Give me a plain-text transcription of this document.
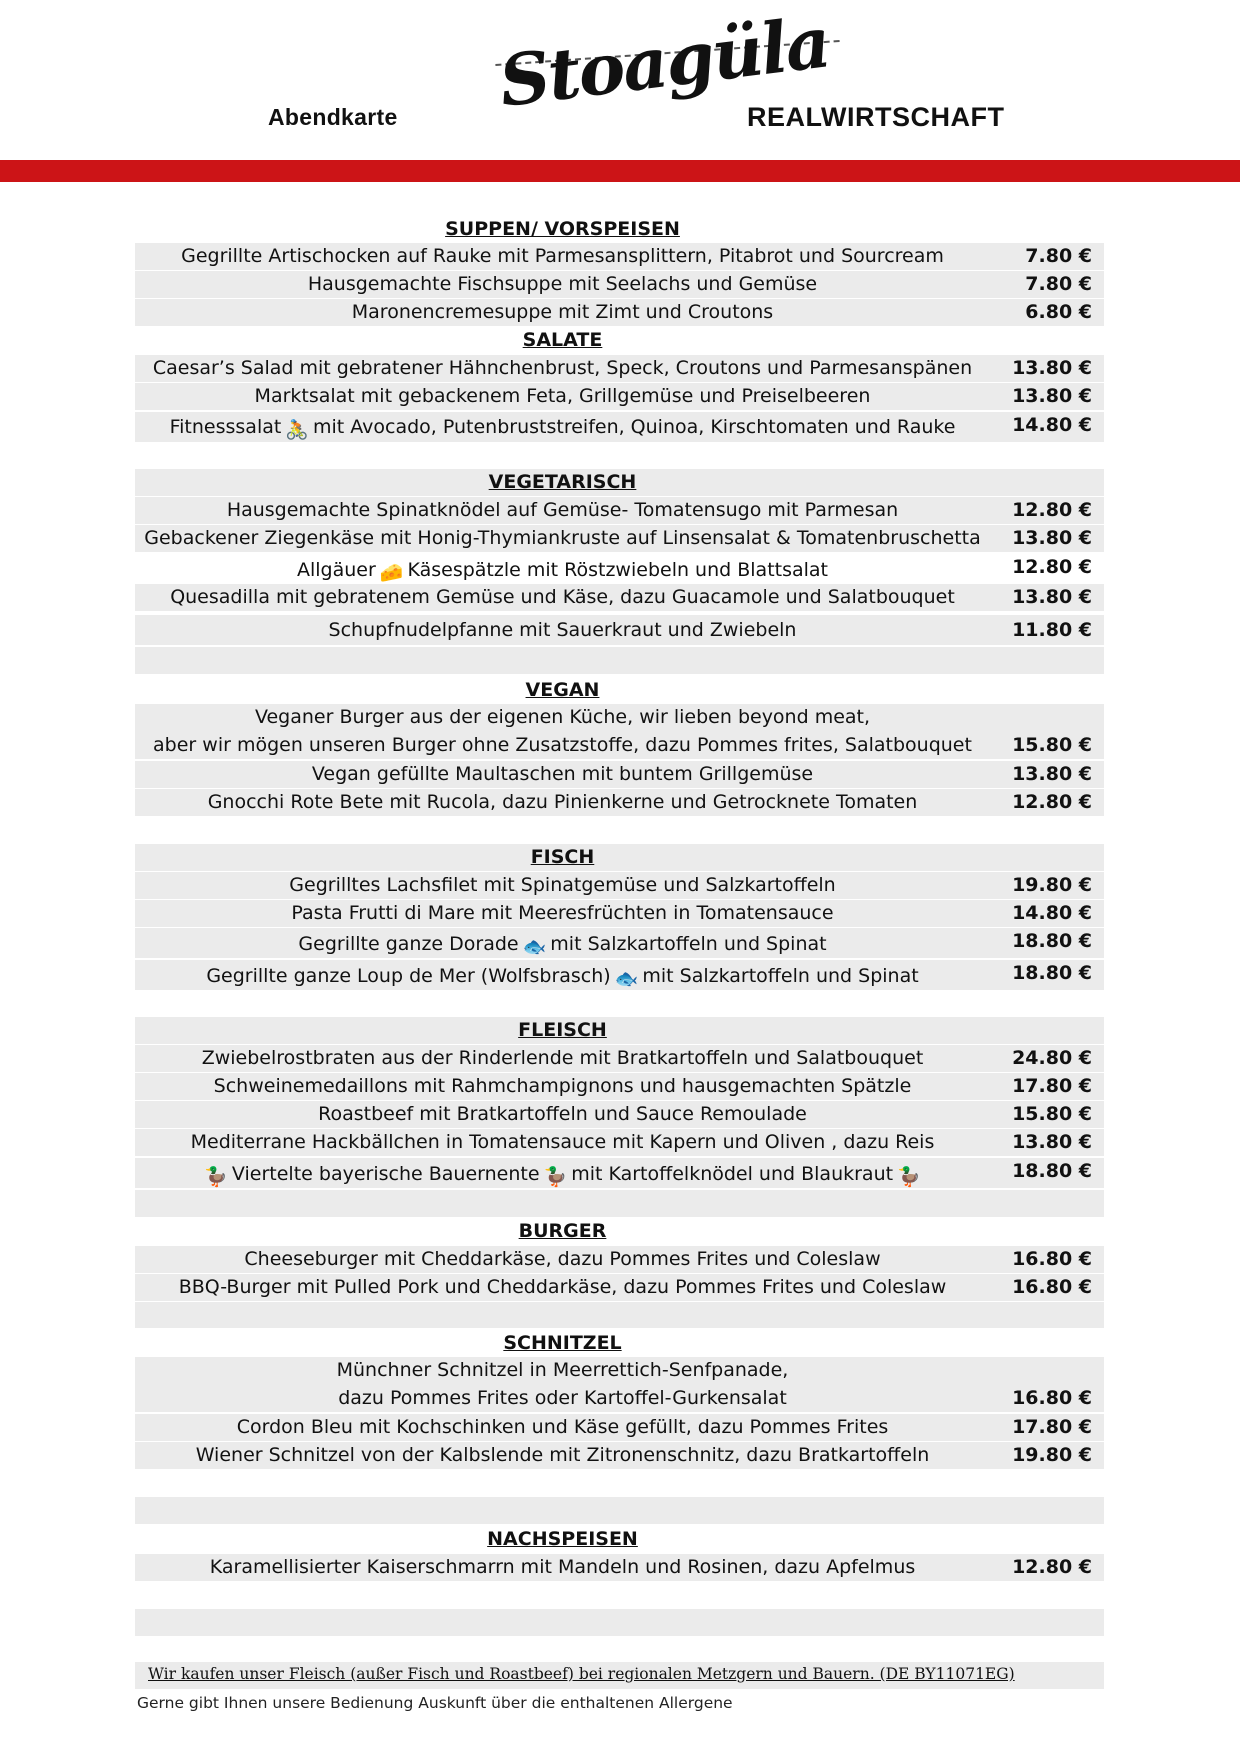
Abendkarte Stoagüla
REALWIRTSCHAFT
SUPPEN/ VORSPEISEN
Gegrillte Artischocken auf Rauke mit Parmesansplittern, Pitabrot und Sourcream	7.80 €
Hausgemachte Fischsuppe mit Seelachs und Gemüse	7.80 €
Maronencremesuppe mit Zimt und Croutons	6.80 €
SALATE
Caesar’s Salad mit gebratener Hähnchenbrust, Speck, Croutons und Parmesanspänen	13.80 €
Marktsalat mit gebackenem Feta, Grillgemüse und Preiselbeeren	13.80 €
Fitnesssalat 🚴 mit Avocado, Putenbruststreifen, Quinoa, Kirschtomaten und Rauke	14.80 €
VEGETARISCH
Hausgemachte Spinatknödel auf Gemüse- Tomatensugo mit Parmesan	12.80 €
Gebackener Ziegenkäse mit Honig-Thymiankruste auf Linsensalat & Tomatenbruschetta	13.80 €
Allgäuer 🧀 Käsespätzle mit Röstzwiebeln und Blattsalat	12.80 €
Quesadilla mit gebratenem Gemüse und Käse, dazu Guacamole und Salatbouquet	13.80 €
Schupfnudelpfanne mit Sauerkraut und Zwiebeln	11.80 €
VEGAN
Veganer Burger aus der eigenen Küche, wir lieben beyond meat,
aber wir mögen unseren Burger ohne Zusatzstoffe, dazu Pommes frites, Salatbouquet	15.80 €
Vegan gefüllte Maultaschen mit buntem Grillgemüse	13.80 €
Gnocchi Rote Bete mit Rucola, dazu Pinienkerne und Getrocknete Tomaten	12.80 €
FISCH
Gegrilltes Lachsfilet mit Spinatgemüse und Salzkartoffeln	19.80 €
Pasta Frutti di Mare mit Meeresfrüchten in Tomatensauce	14.80 €
Gegrillte ganze Dorade 🐟 mit Salzkartoffeln und Spinat	18.80 €
Gegrillte ganze Loup de Mer (Wolfsbrasch) 🐟 mit Salzkartoffeln und Spinat	18.80 €
FLEISCH
Zwiebelrostbraten aus der Rinderlende mit Bratkartoffeln und Salatbouquet	24.80 €
Schweinemedaillons mit Rahmchampignons und hausgemachten Spätzle	17.80 €
Roastbeef mit Bratkartoffeln und Sauce Remoulade	15.80 €
Mediterrane Hackbällchen in Tomatensauce mit Kapern und Oliven , dazu Reis	13.80 €
🦆 Viertelte bayerische Bauernente 🦆 mit Kartoffelknödel und Blaukraut 🦆	18.80 €
BURGER
Cheeseburger mit Cheddarkäse, dazu Pommes Frites und Coleslaw	16.80 €
BBQ-Burger mit Pulled Pork und Cheddarkäse, dazu Pommes Frites und Coleslaw	16.80 €
SCHNITZEL
Münchner Schnitzel in Meerrettich-Senfpanade,
dazu Pommes Frites oder Kartoffel-Gurkensalat	16.80 €
Cordon Bleu mit Kochschinken und Käse gefüllt, dazu Pommes Frites	17.80 €
Wiener Schnitzel von der Kalbslende mit Zitronenschnitz, dazu Bratkartoffeln	19.80 €
NACHSPEISEN
Karamellisierter Kaiserschmarrn mit Mandeln und Rosinen, dazu Apfelmus	12.80 €
Wir kaufen unser Fleisch (außer Fisch und Roastbeef) bei regionalen Metzgern und Bauern. (DE BY11071EG)
Gerne gibt Ihnen unsere Bedienung Auskunft über die enthaltenen Allergene
